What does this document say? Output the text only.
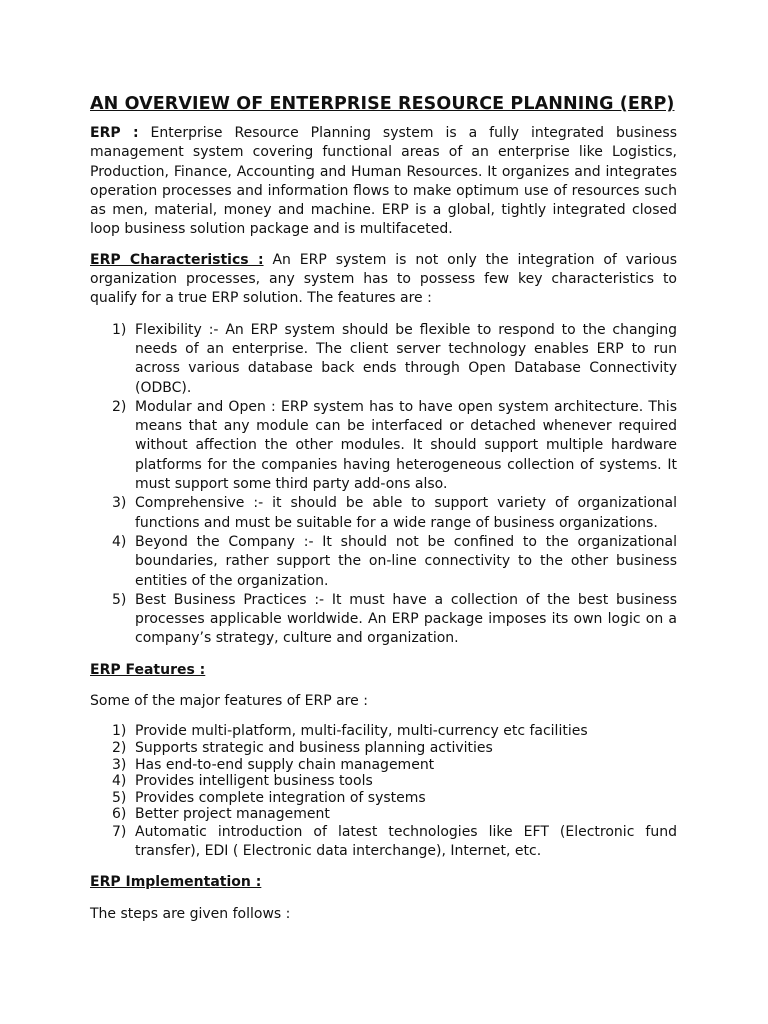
AN OVERVIEW OF ENTERPRISE RESOURCE PLANNING (ERP)

ERP : Enterprise Resource Planning system is a fully integrated business management system covering functional areas of an enterprise like Logistics, Production, Finance, Accounting and Human Resources. It organizes and integrates operation processes and information flows to make optimum use of resources such as men, material, money and machine. ERP is a global, tightly integrated closed loop business solution package and is multifaceted.

ERP Characteristics : An ERP system is not only the integration of various organization processes, any system has to possess few key characteristics to qualify for a true ERP solution. The features are :

1) Flexibility :- An ERP system should be flexible to respond to the changing needs of an enterprise. The client server technology enables ERP to run across various database back ends through Open Database Connectivity (ODBC).
2) Modular and Open : ERP system has to have open system architecture. This means that any module can be interfaced or detached whenever required without affection the other modules. It should support multiple hardware platforms for the companies having heterogeneous collection of systems. It must support some third party add-ons also.
3) Comprehensive :- it should be able to support variety of organizational functions and must be suitable for a wide range of business organizations.
4) Beyond the Company :- It should not be confined to the organizational boundaries, rather support the on-line connectivity to the other business entities of the organization.
5) Best Business Practices :- It must have a collection of the best business processes applicable worldwide. An ERP package imposes its own logic on a company’s strategy, culture and organization.

ERP Features :

Some of the major features of ERP are :

1) Provide multi-platform, multi-facility, multi-currency etc facilities
2) Supports strategic and business planning activities
3) Has end-to-end supply chain management
4) Provides intelligent business tools
5) Provides complete integration of systems
6) Better project management
7) Automatic introduction of latest technologies like EFT (Electronic fund transfer), EDI ( Electronic data interchange), Internet, etc.

ERP Implementation :

The steps are given follows :
